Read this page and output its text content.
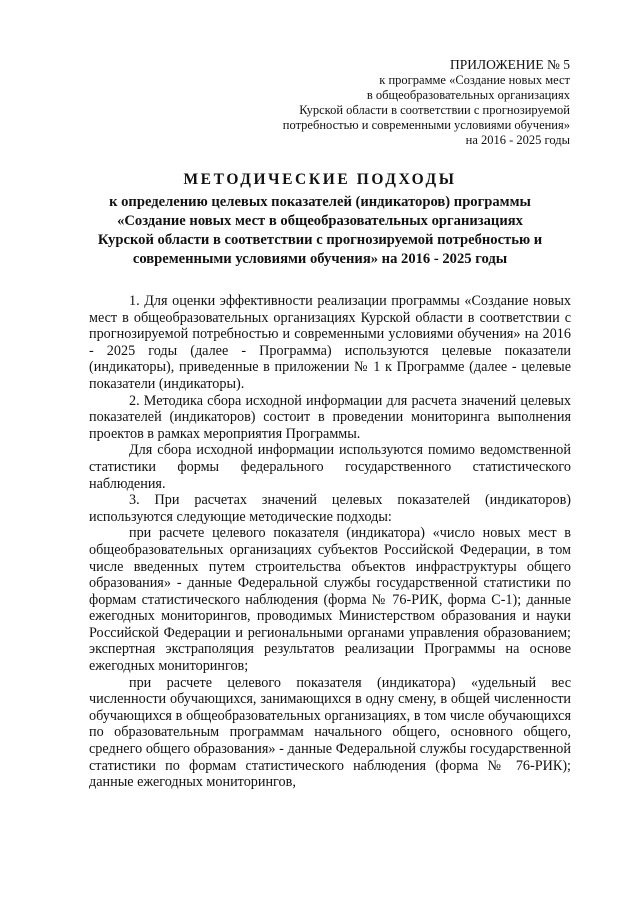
ПРИЛОЖЕНИЕ № 5
к программе «Создание новых мест
в общеобразовательных организациях
Курской области в соответствии с прогнозируемой
потребностью и современными условиями обучения»
на 2016 - 2025 годы
МЕТОДИЧЕСКИЕ ПОДХОДЫ
к определению целевых показателей (индикаторов) программы
«Создание новых мест в общеобразовательных организациях
Курской области в соответствии с прогнозируемой потребностью и
современными условиями обучения» на 2016 - 2025 годы

1. Для оценки эффективности реализации программы «Создание новых мест в общеобразовательных организациях Курской области в соответствии с прогнозируемой потребностью и современными условиями обучения» на 2016 - 2025 годы (далее - Программа) используются целевые показатели (индикаторы), приведенные в приложении № 1 к Программе (далее - целевые показатели (индикаторы).

2. Методика сбора исходной информации для расчета значений целевых показателей (индикаторов) состоит в проведении мониторинга выполнения проектов в рамках мероприятия Программы.

Для сбора исходной информации используются помимо ведомственной статистики формы федерального государственного статистического наблюдения.

3. При расчетах значений целевых показателей (индикаторов) используются следующие методические подходы:

при расчете целевого показателя (индикатора) «число новых мест в общеобразовательных организациях субъектов Российской Федерации, в том числе введенных путем строительства объектов инфраструктуры общего образования» - данные Федеральной службы государственной статистики по формам статистического наблюдения (форма № 76-РИК, форма С-1); данные ежегодных мониторингов, проводимых Министерством образования и науки Российской Федерации и региональными органами управления образованием; экспертная экстраполяция результатов реализации Программы на основе ежегодных мониторингов;

при расчете целевого показателя (индикатора) «удельный вес численности обучающихся, занимающихся в одну смену, в общей численности обучающихся в общеобразовательных организациях, в том числе обучающихся по образовательным программам начального общего, основного общего, среднего общего образования» - данные Федеральной службы государственной статистики по формам статистического наблюдения (форма № 76-РИК); данные ежегодных мониторингов,
